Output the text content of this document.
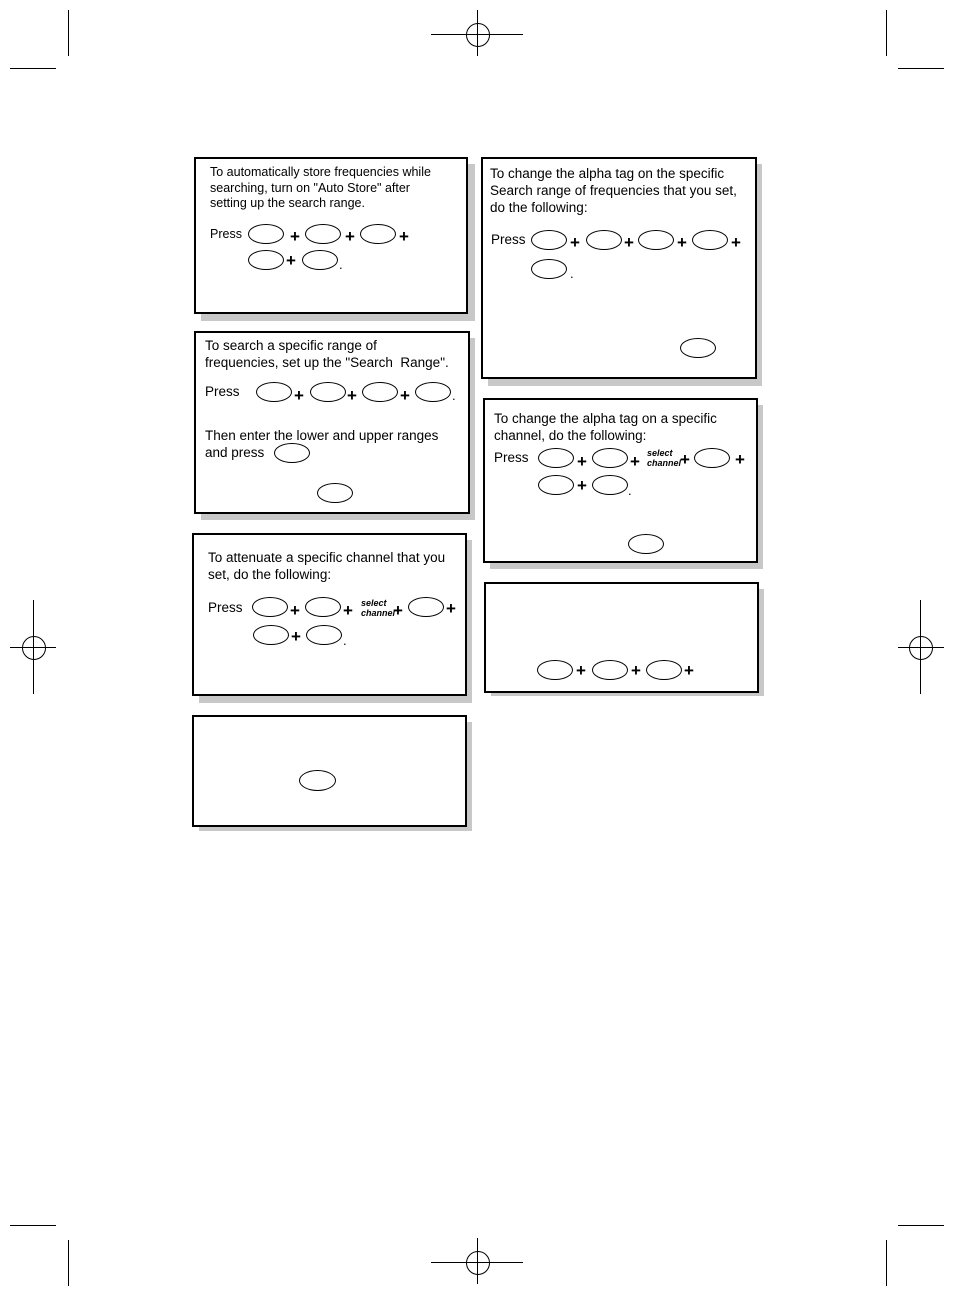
To automatically store frequencies while
searching, turn on "Auto Store" after
setting up the search range.
Press	+	+	+
+	.
To search a specific range of
frequencies, set up the "Search  Range".
Press	+	+	+	.
Then enter the lower and upper ranges
and press
To attenuate a specific channel that you
set, do the following:
Press	+	+ select
channel
+	+
+	.
To change the alpha tag on the specific
Search range of frequencies that you set,
do the following:
Press	+	+	+	+
.
To change the alpha tag on a specific
channel, do the following:
Press	+	+ select
channel
+	+
+	.
+	+	+
